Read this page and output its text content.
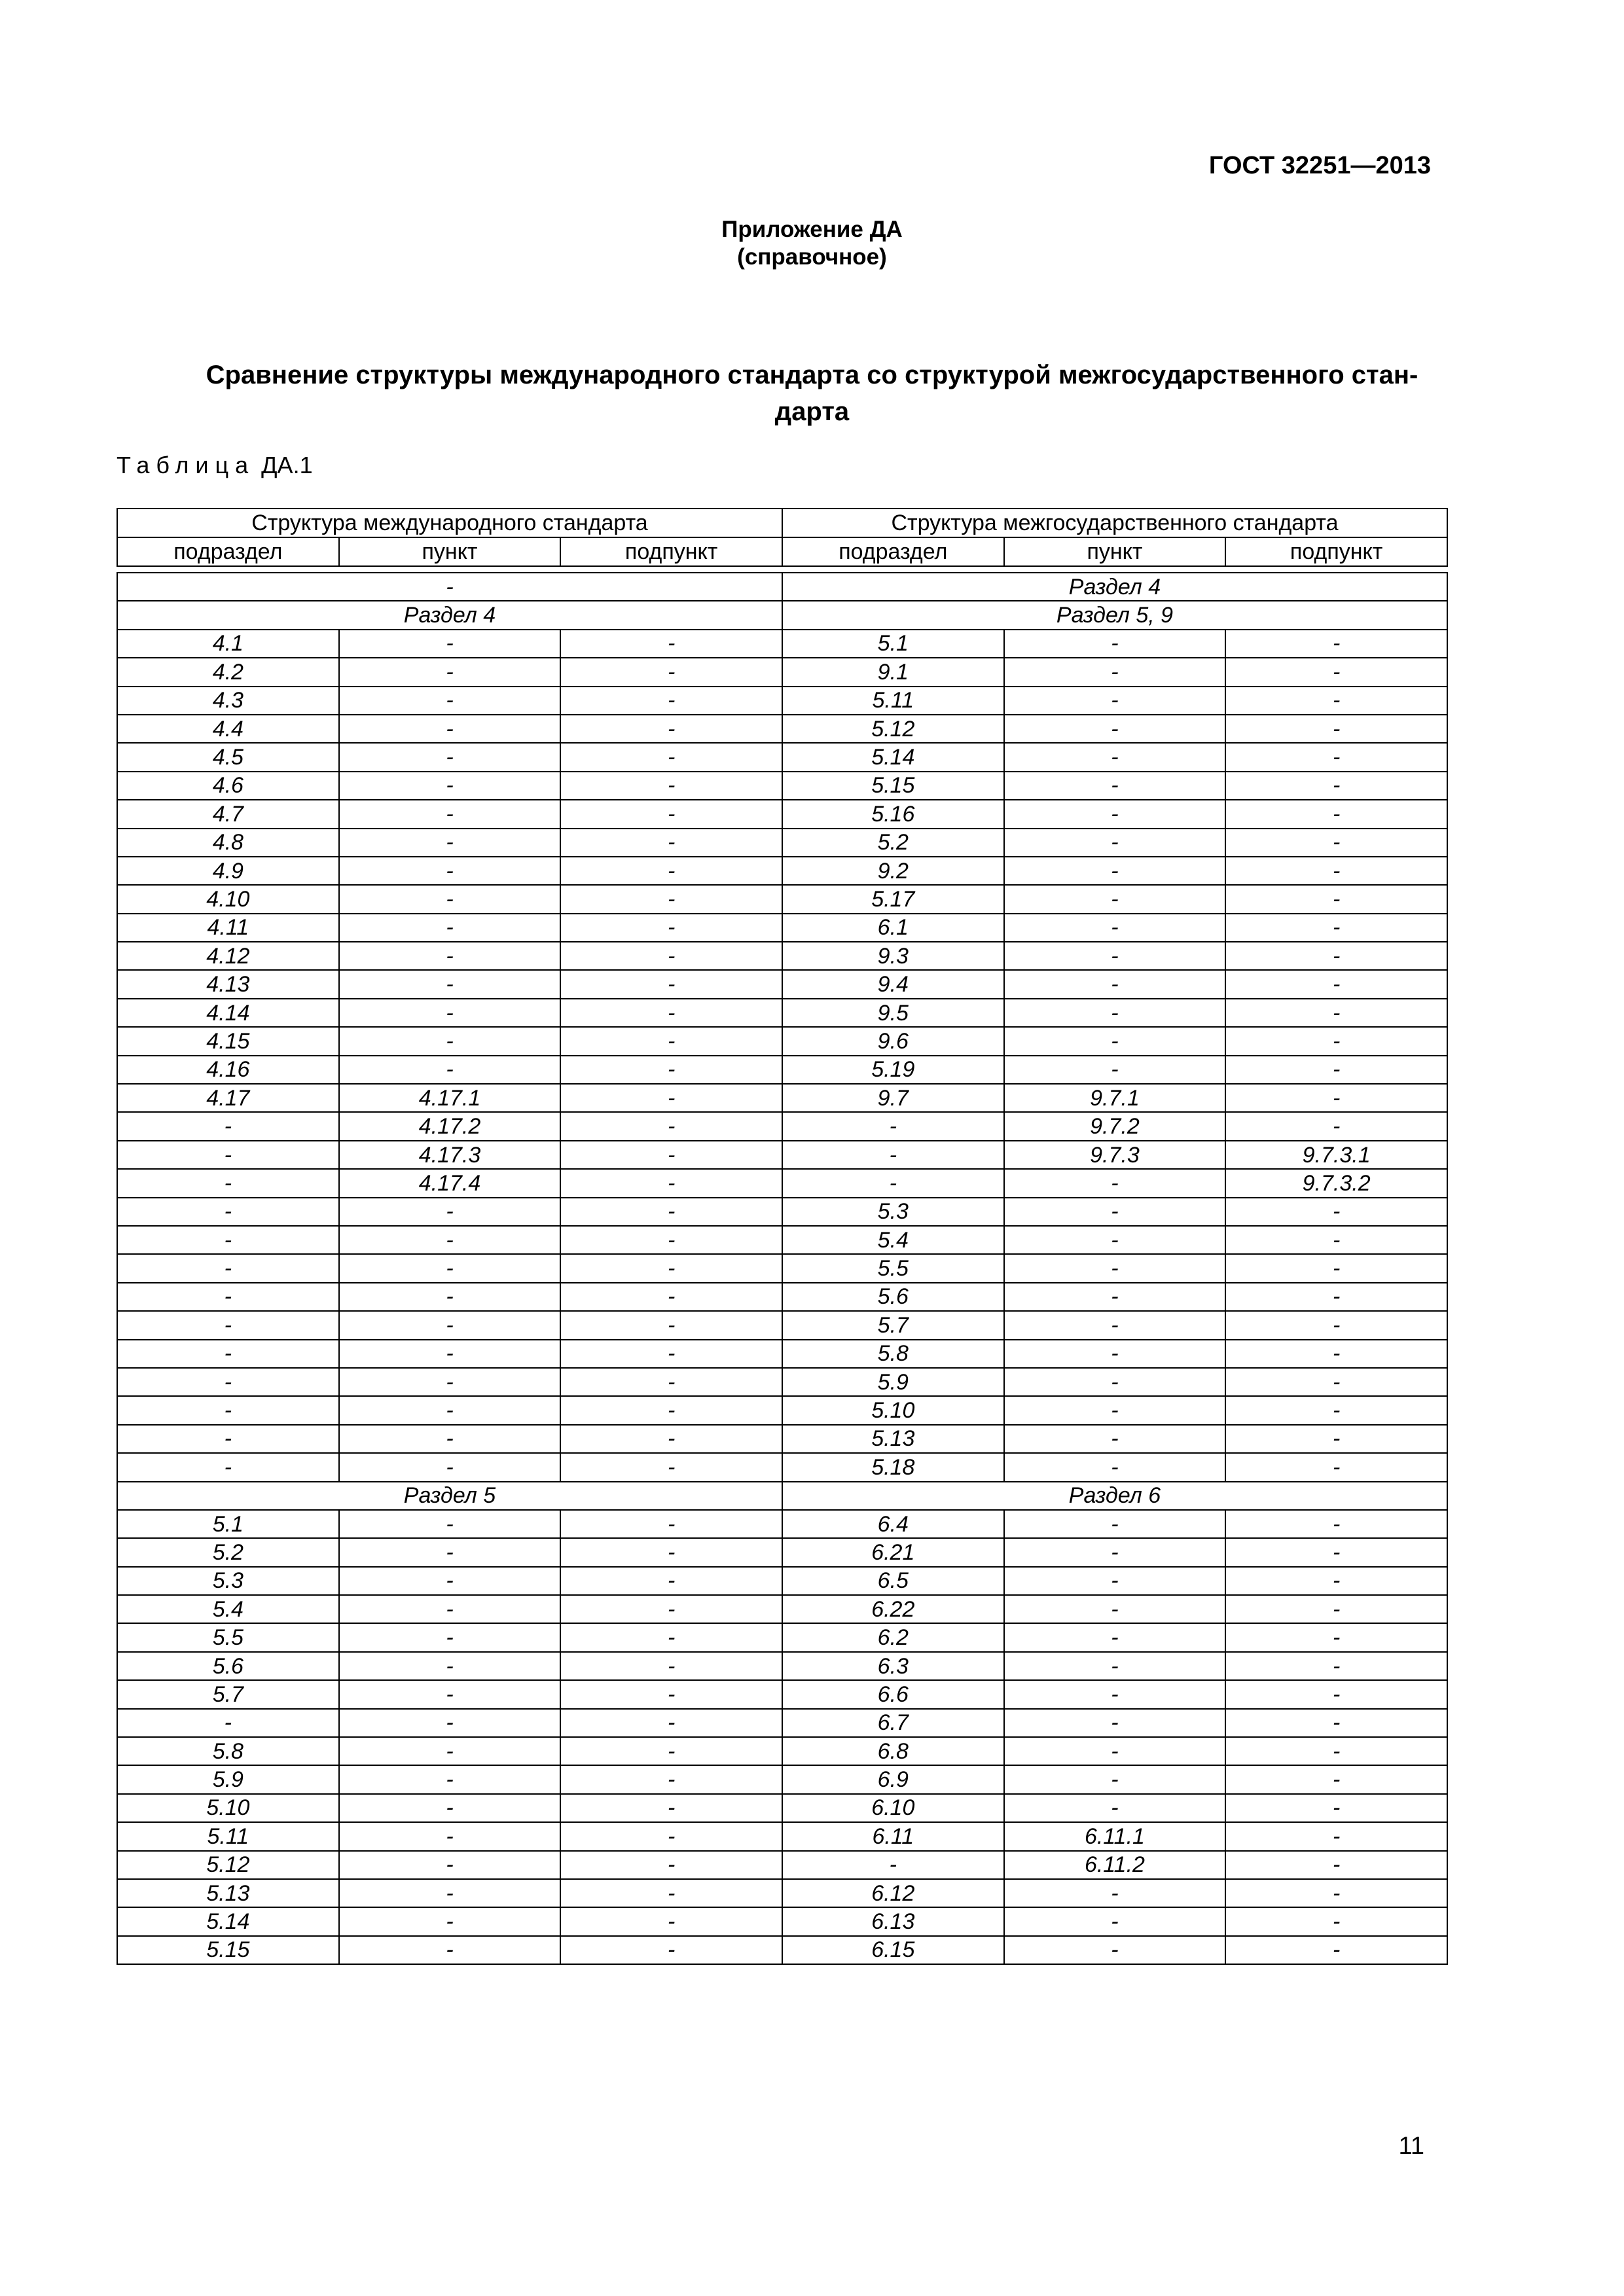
ГОСТ 32251—2013
Приложение ДА
(справочное)
Сравнение структуры международного стандарта со структурой межгосударственного стан-
дарта
Таблица ДА.1
Структура международного стандарта			Структура межгосударственного стандарта		
подраздел	пункт	подпункт	подраздел	пункт	подпункт
-			Раздел 4		
Раздел 4			Раздел 5, 9		
4.1	-	-	5.1	-	-
4.2	-	-	9.1	-	-
4.3	-	-	5.11	-	-
4.4	-	-	5.12	-	-
4.5	-	-	5.14	-	-
4.6	-	-	5.15	-	-
4.7	-	-	5.16	-	-
4.8	-	-	5.2	-	-
4.9	-	-	9.2	-	-
4.10	-	-	5.17	-	-
4.11	-	-	6.1	-	-
4.12	-	-	9.3	-	-
4.13	-	-	9.4	-	-
4.14	-	-	9.5	-	-
4.15	-	-	9.6	-	-
4.16	-	-	5.19	-	-
4.17	4.17.1	-	9.7	9.7.1	-
-	4.17.2	-	-	9.7.2	-
-	4.17.3	-	-	9.7.3	9.7.3.1
-	4.17.4	-	-	-	9.7.3.2
-	-	-	5.3	-	-
-	-	-	5.4	-	-
-	-	-	5.5	-	-
-	-	-	5.6	-	-
-	-	-	5.7	-	-
-	-	-	5.8	-	-
-	-	-	5.9	-	-
-	-	-	5.10	-	-
-	-	-	5.13	-	-
-	-	-	5.18	-	-
Раздел 5			Раздел 6		
5.1	-	-	6.4	-	-
5.2	-	-	6.21	-	-
5.3	-	-	6.5	-	-
5.4	-	-	6.22	-	-
5.5	-	-	6.2	-	-
5.6	-	-	6.3	-	-
5.7	-	-	6.6	-	-
-	-	-	6.7	-	-
5.8	-	-	6.8	-	-
5.9	-	-	6.9	-	-
5.10	-	-	6.10	-	-
5.11	-	-	6.11	6.11.1	-
5.12	-	-	-	6.11.2	-
5.13	-	-	6.12	-	-
5.14	-	-	6.13	-	-
5.15	-	-	6.15	-	-
11
